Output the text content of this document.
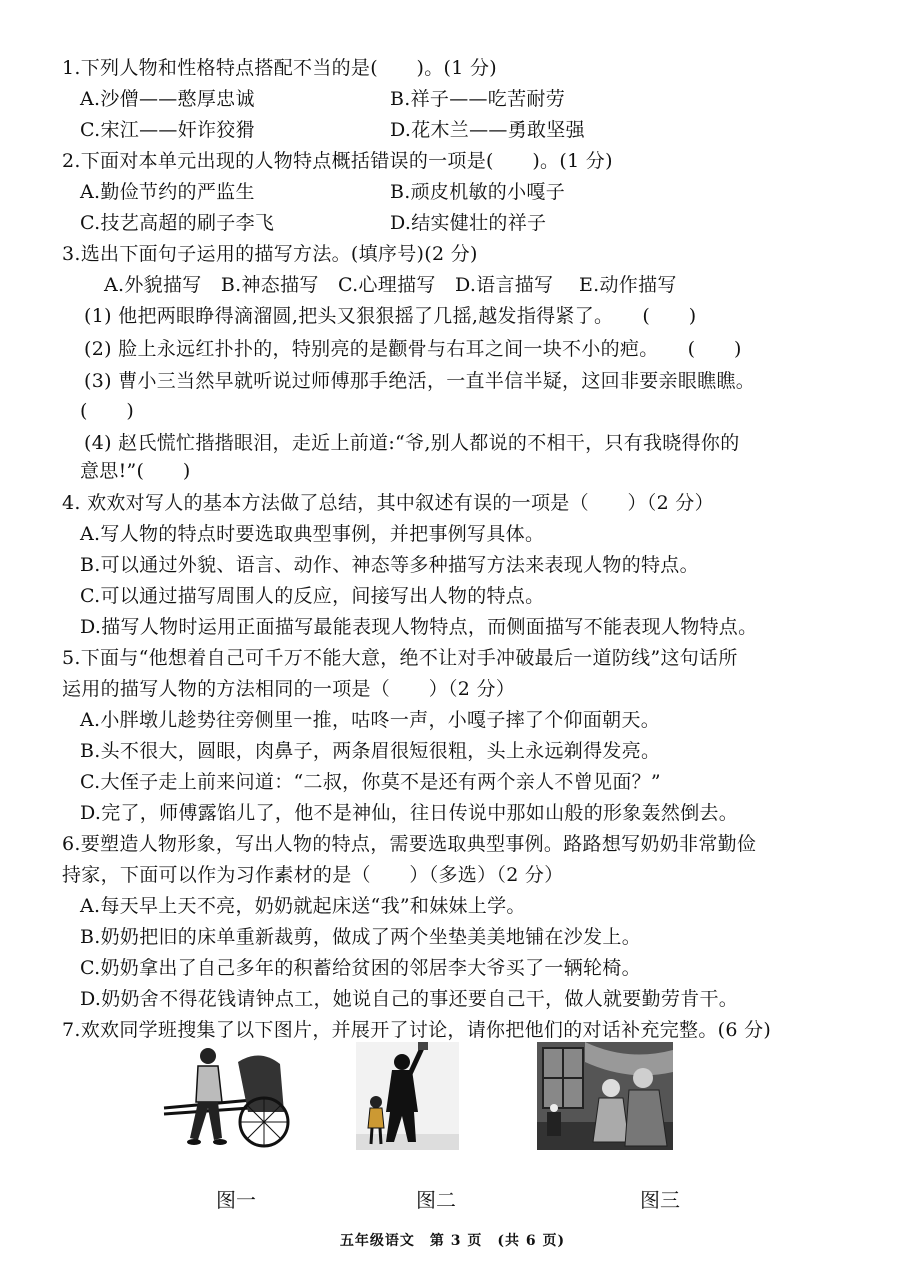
1.下列人物和性格特点搭配不当的是(　　)。(1 分)
A.沙僧——憨厚忠诚	B.祥子——吃苦耐劳
C.宋江——奸诈狡猾	D.花木兰——勇敢坚强
2.下面对本单元出现的人物特点概括错误的一项是(　　)。(1 分)
A.勤俭节约的严监生	B.顽皮机敏的小嘎子
C.技艺高超的刷子李飞	D.结实健壮的祥子
3.选出下面句子运用的描写方法。(填序号)(2 分)
A.外貌描写　B.神态描写　C.心理描写　D.语言描写　 E.动作描写
(1) 他把两眼睁得滴溜圆,把头又狠狠摇了几摇,越发指得紧了。　　(　　)
(2) 脸上永远红扑扑的，特别亮的是颧骨与右耳之间一块不小的疤。　　(　　)
(3) 曹小三当然早就听说过师傅那手绝活，一直半信半疑，这回非要亲眼瞧瞧。
(　　)
(4) 赵氏慌忙揩揩眼泪，走近上前道:“爷,别人都说的不相干，只有我晓得你的
意思!”(　　)
4. 欢欢对写人的基本方法做了总结，其中叙述有误的一项是（　　）（2 分）
A.写人物的特点时要选取典型事例，并把事例写具体。
B.可以通过外貌、语言、动作、神态等多种描写方法来表现人物的特点。
C.可以通过描写周围人的反应，间接写出人物的特点。
D.描写人物时运用正面描写最能表现人物特点，而侧面描写不能表现人物特点。
5.下面与“他想着自己可千万不能大意，绝不让对手冲破最后一道防线”这句话所
运用的描写人物的方法相同的一项是（　　）（2 分）
A.小胖墩儿趁势往旁侧里一推，咕咚一声，小嘎子摔了个仰面朝天。
B.头不很大，圆眼，肉鼻子，两条眉很短很粗，头上永远剃得发亮。
C.大侄子走上前来问道：“二叔，你莫不是还有两个亲人不曾见面？”
D.完了，师傅露馅儿了，他不是神仙，往日传说中那如山般的形象轰然倒去。
6.要塑造人物形象，写出人物的特点，需要选取典型事例。路路想写奶奶非常勤俭
持家，下面可以作为习作素材的是（　　）（多选）（2 分）
A.每天早上天不亮，奶奶就起床送“我”和妹妹上学。
B.奶奶把旧的床单重新裁剪，做成了两个坐垫美美地铺在沙发上。
C.奶奶拿出了自己多年的积蓄给贫困的邻居李大爷买了一辆轮椅。
D.奶奶舍不得花钱请钟点工，她说自己的事还要自己干，做人就要勤劳肯干。
7.欢欢同学班搜集了以下图片，并展开了讨论，请你把他们的对话补充完整。(6 分)
图一	图二	图三
五年级语文　第 3 页　(共 6 页)
